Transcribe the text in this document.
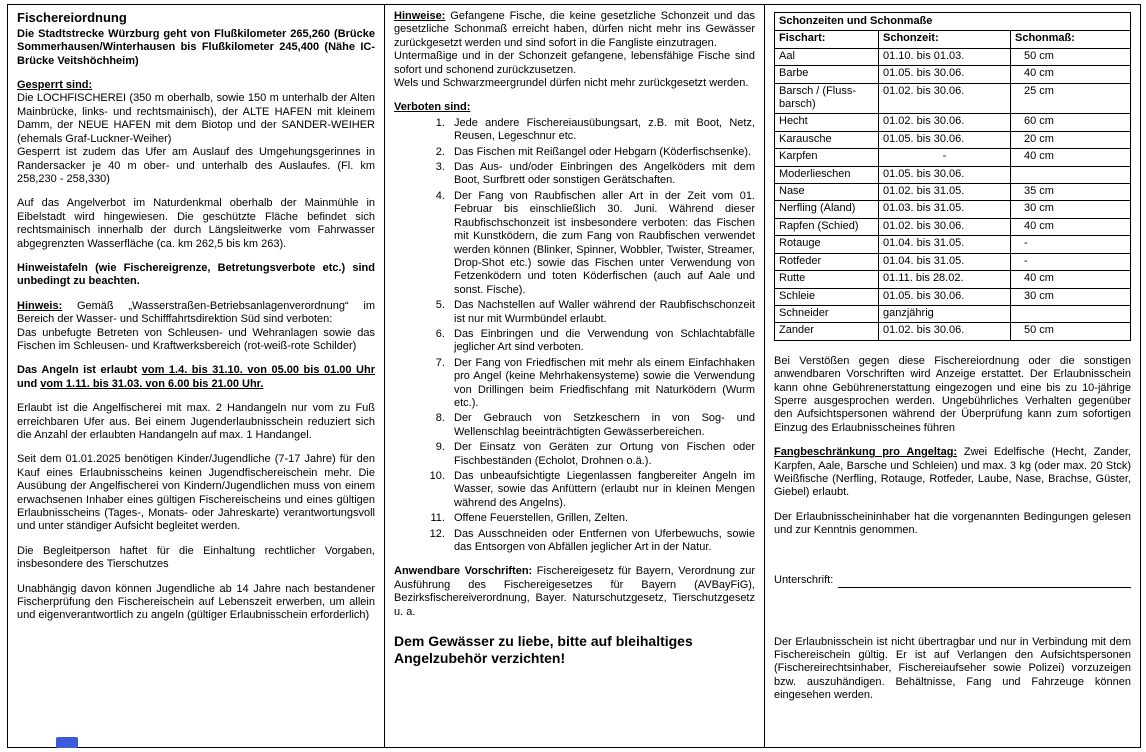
Fischereiordnung

Die Stadtstrecke Würzburg geht von Flußkilometer 265,260 (Brücke Sommerhausen/Winterhausen bis Flußkilometer 245,400 (Nähe IC-Brücke Veitshöchheim)

Gesperrt sind:

Die LOCHFISCHEREI (350 m oberhalb, sowie 150 m unterhalb der Alten Mainbrücke, links- und rechtsmainisch), der ALTE HAFEN mit kleinem Damm, der NEUE HAFEN mit dem Biotop und der SANDER-WEIHER (ehemals Graf-Luckner-Weiher)

Gesperrt ist zudem das Ufer am Auslauf des Umgehungsgerinnes in Randersacker je 40 m ober- und unterhalb des Auslaufes. (Fl. km 258,230 - 258,330)

Auf das Angelverbot im Naturdenkmal oberhalb der Mainmühle in Eibelstadt wird hingewiesen. Die geschützte Fläche befindet sich rechtsmainisch innerhalb der durch Längsleitwerke vom Fahrwasser abgegrenzten Wasserfläche (ca. km 262,5 bis km 263).

Hinweistafeln (wie Fischereigrenze, Betretungsverbote etc.) sind unbedingt zu beachten.

Hinweis: Gemäß „Wasserstraßen-Betriebsanlagenverordnung“ im Bereich der Wasser- und Schifffahrtsdirektion Süd sind verboten:

Das unbefugte Betreten von Schleusen- und Wehranlagen sowie das Fischen im Schleusen- und Kraftwerksbereich (rot-weiß-rote Schilder)

Das Angeln ist erlaubt vom 1.4. bis 31.10. von 05.00 bis 01.00 Uhr und vom 1.11. bis 31.03. von 6.00 bis 21.00 Uhr.

Erlaubt ist die Angelfischerei mit max. 2 Handangeln nur vom zu Fuß erreichbaren Ufer aus. Bei einem Jugenderlaubnisschein reduziert sich die Anzahl der erlaubten Handangeln auf max. 1 Handangel.

Seit dem 01.01.2025 benötigen Kinder/Jugendliche (7-17 Jahre) für den Kauf eines Erlaubnisscheins keinen Jugendfischereischein mehr. Die Ausübung der Angelfischerei von Kindern/Jugendlichen muss von einem erwachsenen Inhaber eines gültigen Fischereischeins und eines gültigen Erlaubnisscheins (Tages-, Monats- oder Jahreskarte) verantwortungsvoll und unter ständiger Aufsicht begleitet werden.

Die Begleitperson haftet für die Einhaltung rechtlicher Vorgaben, insbesondere des Tierschutzes

Unabhängig davon können Jugendliche ab 14 Jahre nach bestandener Fischerprüfung den Fischereischein auf Lebenszeit erwerben, um allein und eigenverantwortlich zu angeln (gültiger Erlaubnisschein erforderlich)

Hinweise: Gefangene Fische, die keine gesetzliche Schonzeit und das gesetzliche Schonmaß erreicht haben, dürfen nicht mehr ins Gewässer zurückgesetzt werden und sind sofort in die Fangliste einzutragen.

Untermaßige und in der Schonzeit gefangene, lebensfähige Fische sind sofort und schonend zurückzusetzen.

Wels und Schwarzmeergrundel dürfen nicht mehr zurückgesetzt werden.

Verboten sind:

1. Jede andere Fischereiausübungsart, z.B. mit Boot, Netz, Reusen, Legeschnur etc.
2. Das Fischen mit Reißangel oder Hebgarn (Köderfischsenke).
3. Das Aus- und/oder Einbringen des Angelköders mit dem Boot, Surfbrett oder sonstigen Gerätschaften.
4. Der Fang von Raubfischen aller Art in der Zeit vom 01. Februar bis einschließlich 30. Juni. Während dieser Raubfischschonzeit ist insbesondere verboten: das Fischen mit Kunstködern, die zum Fang von Raubfischen verwendet werden können (Blinker, Spinner, Wobbler, Twister, Streamer, Drop-Shot etc.) sowie das Fischen unter Verwendung von Fetzenködern und toten Köderfischen (auch auf Aale und sonst. Fische).
5. Das Nachstellen auf Waller während der Raubfischschonzeit ist nur mit Wurmbündel erlaubt.
6. Das Einbringen und die Verwendung von Schlachtabfälle jeglicher Art sind verboten.
7. Der Fang von Friedfischen mit mehr als einem Einfachhaken pro Angel (keine Mehrhakensysteme) sowie die Verwendung von Drillingen beim Friedfischfang mit Naturködern (Wurm etc.).
8. Der Gebrauch von Setzkeschern in von Sog- und Wellenschlag beeinträchtigten Gewässerbereichen.
9. Der Einsatz von Geräten zur Ortung von Fischen oder Fischbeständen (Echolot, Drohnen o.ä.).
10. Das unbeaufsichtigte Liegenlassen fangbereiter Angeln im Wasser, sowie das Anfüttern (erlaubt nur in kleinen Mengen während des Angelns).
11. Offene Feuerstellen, Grillen, Zelten.
12. Das Ausschneiden oder Entfernen von Uferbewuchs, sowie das Entsorgen von Abfällen jeglicher Art in der Natur.

Anwendbare Vorschriften: Fischereigesetz für Bayern, Verordnung zur Ausführung des Fischereigesetzes für Bayern (AVBayFiG), Bezirksfischereiverordnung, Bayer. Naturschutzgesetz, Tierschutzgesetz u. a.

Dem Gewässer zu liebe, bitte auf bleihaltiges Angelzubehör verzichten!

Schonzeiten und Schonmaße		
Fischart:	Schonzeit:	Schonmaß:
Aal	01.10. bis 01.03.	50 cm
Barbe	01.05. bis 30.06.	40 cm
Barsch / (Fluss-barsch)	01.02. bis 30.06.	25 cm
Hecht	01.02. bis 30.06.	60 cm
Karausche	01.05. bis 30.06.	20 cm
Karpfen	-	40 cm
Moderlieschen	01.05. bis 30.06.	
Nase	01.02. bis 31.05.	35 cm
Nerfling (Aland)	01.03. bis 31.05.	30 cm
Rapfen (Schied)	01.02. bis 30.06.	40 cm
Rotauge	01.04. bis 31.05.	-
Rotfeder	01.04. bis 31.05.	-
Rutte	01.11. bis 28.02.	40 cm
Schleie	01.05. bis 30.06.	30 cm
Schneider	ganzjährig	
Zander	01.02. bis 30.06.	50 cm

Bei Verstößen gegen diese Fischereiordnung oder die sonstigen anwendbaren Vorschriften wird Anzeige erstattet. Der Erlaubnisschein kann ohne Gebührenerstattung eingezogen und eine bis zu 10-jährige Sperre ausgesprochen werden. Ungebührliches Verhalten gegenüber den Aufsichtspersonen während der Überprüfung kann zum sofortigen Einzug des Erlaubnisscheines führen

Fangbeschränkung pro Angeltag: Zwei Edelfische (Hecht, Zander, Karpfen, Aale, Barsche und Schleien) und max. 3 kg (oder max. 20 Stck) Weißfische (Nerfling, Rotauge, Rotfeder, Laube, Nase, Brachse, Güster, Giebel) erlaubt.

Der Erlaubnisscheininhaber hat die vorgenannten Bedingungen gelesen und zur Kenntnis genommen.

Unterschrift:

Der Erlaubnisschein ist nicht übertragbar und nur in Verbindung mit dem Fischereischein gültig. Er ist auf Verlangen den Aufsichtspersonen (Fischereirechtsinhaber, Fischereiaufseher sowie Polizei) vorzuzeigen bzw. auszuhändigen. Behältnisse, Fang und Fahrzeuge können eingesehen werden.
